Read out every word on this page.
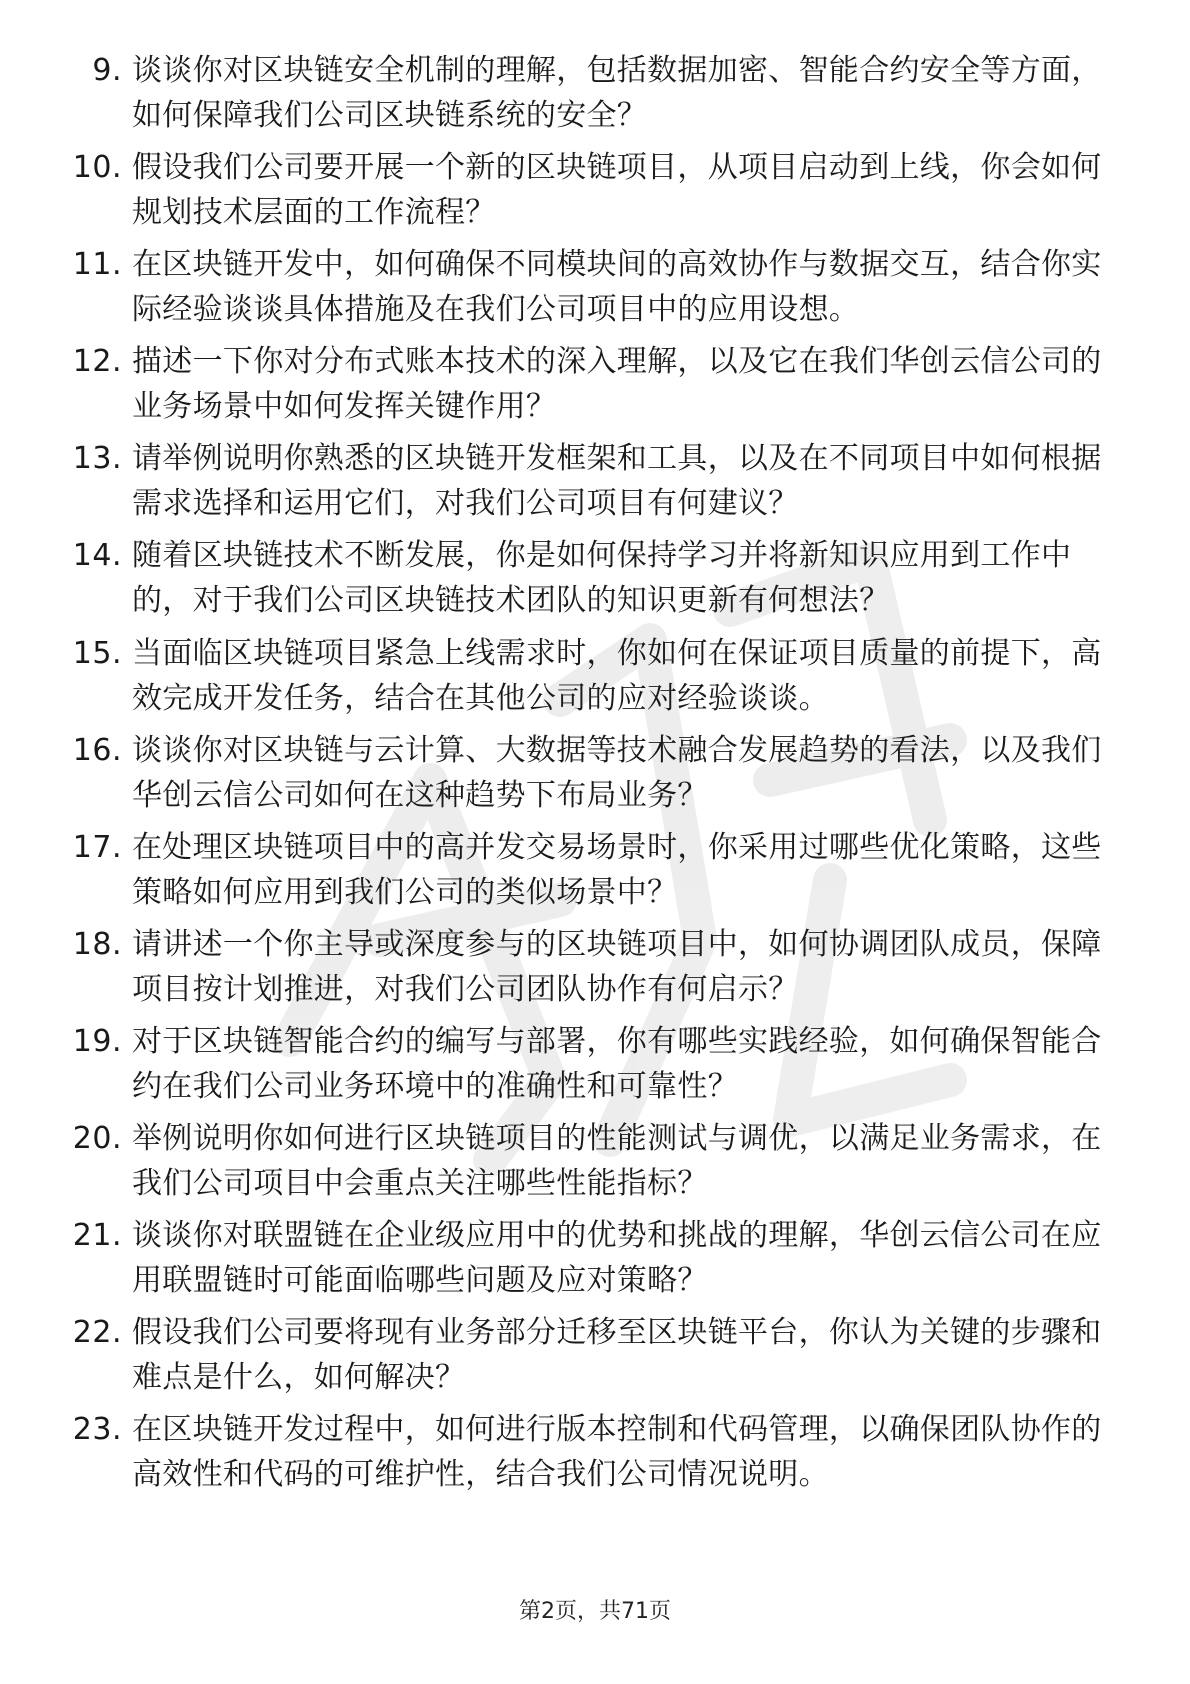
9. 谈谈你对区块链安全机制的理解，包括数据加密、智能合约安全等方面，如何保障我们公司区块链系统的安全？
10. 假设我们公司要开展一个新的区块链项目，从项目启动到上线，你会如何规划技术层面的工作流程？
11. 在区块链开发中，如何确保不同模块间的高效协作与数据交互，结合你实际经验谈谈具体措施及在我们公司项目中的应用设想。
12. 描述一下你对分布式账本技术的深入理解，以及它在我们华创云信公司的业务场景中如何发挥关键作用？
13. 请举例说明你熟悉的区块链开发框架和工具，以及在不同项目中如何根据需求选择和运用它们，对我们公司项目有何建议？
14. 随着区块链技术不断发展，你是如何保持学习并将新知识应用到工作中的，对于我们公司区块链技术团队的知识更新有何想法？
15. 当面临区块链项目紧急上线需求时，你如何在保证项目质量的前提下，高效完成开发任务，结合在其他公司的应对经验谈谈。
16. 谈谈你对区块链与云计算、大数据等技术融合发展趋势的看法，以及我们华创云信公司如何在这种趋势下布局业务？
17. 在处理区块链项目中的高并发交易场景时，你采用过哪些优化策略，这些策略如何应用到我们公司的类似场景中？
18. 请讲述一个你主导或深度参与的区块链项目中，如何协调团队成员，保障项目按计划推进，对我们公司团队协作有何启示？
19. 对于区块链智能合约的编写与部署，你有哪些实践经验，如何确保智能合约在我们公司业务环境中的准确性和可靠性？
20. 举例说明你如何进行区块链项目的性能测试与调优，以满足业务需求，在我们公司项目中会重点关注哪些性能指标？
21. 谈谈你对联盟链在企业级应用中的优势和挑战的理解，华创云信公司在应用联盟链时可能面临哪些问题及应对策略？
22. 假设我们公司要将现有业务部分迁移至区块链平台，你认为关键的步骤和难点是什么，如何解决？
23. 在区块链开发过程中，如何进行版本控制和代码管理，以确保团队协作的高效性和代码的可维护性，结合我们公司情况说明。
第2页，共71页
